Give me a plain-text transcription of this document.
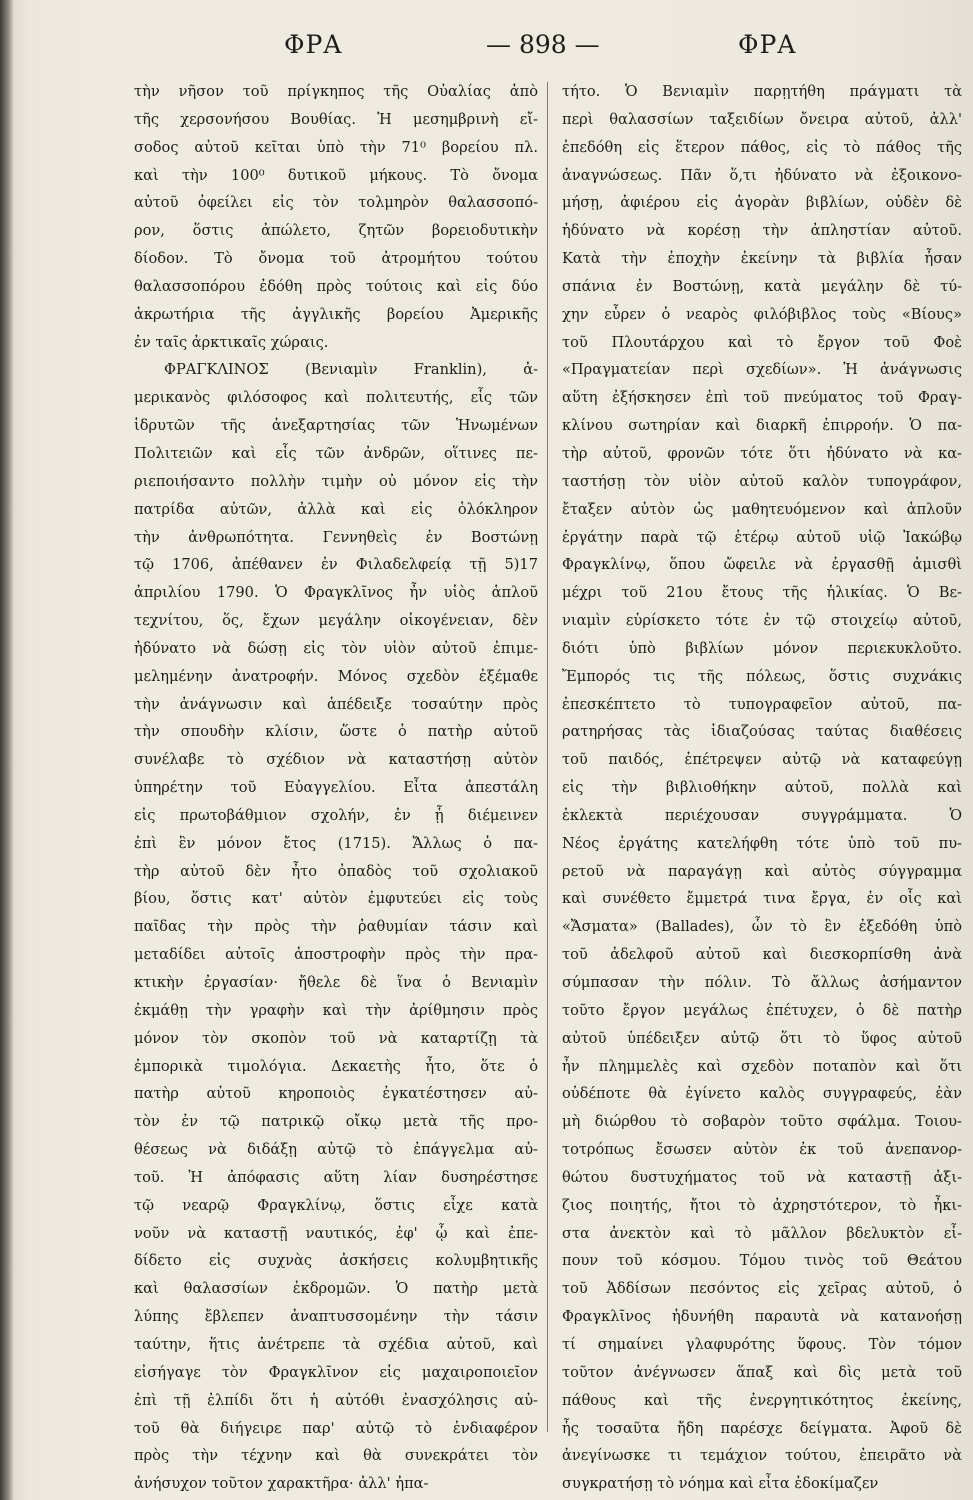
ΦΡΑ	— 898 —	ΦΡΑ
τὴν νῆσον τοῦ πρίγκηπος τῆς Οὐαλίας ἀπὸ
τῆς χερσονήσου Βουθίας. Ἡ μεσημβρινὴ εἴ-
σοδος αὐτοῦ κεῖται ὑπὸ τὴν 71⁰ βορείου πλ.
καὶ τὴν 100⁰ δυτικοῦ μήκους. Τὸ ὄνομα
αὐτοῦ ὀφείλει εἰς τὸν τολμηρὸν θαλασσοπό-
ρον, ὅστις ἀπώλετο, ζητῶν βορειοδυτικὴν
δίοδον. Τὸ ὄνομα τοῦ ἀτρομήτου τούτου
θαλασσοπόρου ἐδόθη πρὸς τούτοις καὶ εἰς δύο
ἀκρωτήρια τῆς ἀγγλικῆς βορείου Ἀμερικῆς
ἐν ταῖς ἀρκτικαῖς χώραις.
ΦΡΑΓΚΛΙΝΟΣ (Βενιαμὶν Franklin), ἀ-
μερικανὸς φιλόσοφος καὶ πολιτευτής, εἷς τῶν
ἱδρυτῶν τῆς ἀνεξαρτησίας τῶν Ἡνωμένων
Πολιτειῶν καὶ εἷς τῶν ἀνδρῶν, οἵτινες πε-
ριεποιήσαντο πολλὴν τιμὴν οὐ μόνον εἰς τὴν
πατρίδα αὐτῶν, ἀλλὰ καὶ εἰς ὁλόκληρον
τὴν ἀνθρωπότητα. Γεννηθεὶς ἐν Βοστώνῃ
τῷ 1706, ἀπέθανεν ἐν Φιλαδελφείᾳ τῇ 5)17
ἀπριλίου 1790. Ὁ Φραγκλῖνος ἦν υἱὸς ἁπλοῦ
τεχνίτου, ὅς, ἔχων μεγάλην οἰκογένειαν, δὲν
ἠδύνατο νὰ δώσῃ εἰς τὸν υἱὸν αὐτοῦ ἐπιμε-
μελημένην ἀνατροφήν. Μόνος σχεδὸν ἐξέμαθε
τὴν ἀνάγνωσιν καὶ ἀπέδειξε τοσαύτην πρὸς
τὴν σπουδὴν κλίσιν, ὥστε ὁ πατὴρ αὐτοῦ
συνέλαβε τὸ σχέδιον νὰ καταστήσῃ αὐτὸν
ὑπηρέτην τοῦ Εὐαγγελίου. Εἶτα ἀπεστάλη
εἰς πρωτοβάθμιον σχολήν, ἐν ᾗ διέμεινεν
ἐπὶ ἓν μόνον ἔτος (1715). Ἄλλως ὁ πα-
τὴρ αὐτοῦ δὲν ἦτο ὀπαδὸς τοῦ σχολιακοῦ
βίου, ὅστις κατ' αὐτὸν ἐμφυτεύει εἰς τοὺς
παῖδας τὴν πρὸς τὴν ῥαθυμίαν τάσιν καὶ
μεταδίδει αὐτοῖς ἀποστροφὴν πρὸς τὴν πρα-
κτικὴν ἐργασίαν· ἤθελε δὲ ἵνα ὁ Βενιαμὶν
ἐκμάθῃ τὴν γραφὴν καὶ τὴν ἀρίθμησιν πρὸς
μόνον τὸν σκοπὸν τοῦ νὰ καταρτίζῃ τὰ
ἐμπορικὰ τιμολόγια. Δεκαετὴς ἦτο, ὅτε ὁ
πατὴρ αὐτοῦ κηροποιὸς ἐγκατέστησεν αὐ-
τὸν ἐν τῷ πατρικῷ οἴκῳ μετὰ τῆς προ-
θέσεως νὰ διδάξῃ αὐτῷ τὸ ἐπάγγελμα αὐ-
τοῦ. Ἡ ἀπόφασις αὕτη λίαν δυσηρέστησε
τῷ νεαρῷ Φραγκλίνῳ, ὅστις εἶχε κατὰ
νοῦν νὰ καταστῇ ναυτικός, ἐφ' ᾧ καὶ ἐπε-
δίδετο εἰς συχνὰς ἀσκήσεις κολυμβητικῆς
καὶ θαλασσίων ἐκδρομῶν. Ὁ πατὴρ μετὰ
λύπης ἔβλεπεν ἀναπτυσσομένην τὴν τάσιν
ταύτην, ἥτις ἀνέτρεπε τὰ σχέδια αὐτοῦ, καὶ
εἰσήγαγε τὸν Φραγκλῖνον εἰς μαχαιροποιεῖον
ἐπὶ τῇ ἐλπίδι ὅτι ἡ αὐτόθι ἐνασχόλησις αὐ-
τοῦ θὰ διήγειρε παρ' αὐτῷ τὸ ἐνδιαφέρον
πρὸς τὴν τέχνην καὶ θὰ συνεκράτει τὸν
ἀνήσυχον τοῦτον χαρακτῆρα· ἀλλ' ἠπα-
τήτο. Ὁ Βενιαμὶν παρῃτήθη πράγματι τὰ
περὶ θαλασσίων ταξειδίων ὄνειρα αὐτοῦ, ἀλλ'
ἐπεδόθη εἰς ἕτερον πάθος, εἰς τὸ πάθος τῆς
ἀναγνώσεως. Πᾶν ὅ,τι ἠδύνατο νὰ ἐξοικονο-
μήσῃ, ἀφιέρου εἰς ἀγορὰν βιβλίων, οὐδὲν δὲ
ἠδύνατο νὰ κορέσῃ τὴν ἀπληστίαν αὐτοῦ.
Κατὰ τὴν ἐποχὴν ἐκείνην τὰ βιβλία ἦσαν
σπάνια ἐν Βοστώνῃ, κατὰ μεγάλην δὲ τύ-
χην εὗρεν ὁ νεαρὸς φιλόβιβλος τοὺς «Βίους»
τοῦ Πλουτάρχου καὶ τὸ ἔργον τοῦ Φοὲ
«Πραγματείαν περὶ σχεδίων». Ἡ ἀνάγνωσις
αὕτη ἐξήσκησεν ἐπὶ τοῦ πνεύματος τοῦ Φραγ-
κλίνου σωτηρίαν καὶ διαρκῆ ἐπιρροήν. Ὁ πα-
τὴρ αὐτοῦ, φρονῶν τότε ὅτι ἠδύνατο νὰ κα-
ταστήσῃ τὸν υἱὸν αὐτοῦ καλὸν τυπογράφον,
ἔταξεν αὐτὸν ὡς μαθητευόμενον καὶ ἁπλοῦν
ἐργάτην παρὰ τῷ ἑτέρῳ αὐτοῦ υἱῷ Ἰακώβῳ
Φραγκλίνῳ, ὅπου ὤφειλε νὰ ἐργασθῇ ἀμισθὶ
μέχρι τοῦ 21ου ἔτους τῆς ἡλικίας. Ὁ Βε-
νιαμὶν εὑρίσκετο τότε ἐν τῷ στοιχείῳ αὐτοῦ,
διότι ὑπὸ βιβλίων μόνον περιεκυκλοῦτο.
Ἔμπορός τις τῆς πόλεως, ὅστις συχνάκις
ἐπεσκέπτετο τὸ τυπογραφεῖον αὐτοῦ, πα-
ρατηρήσας τὰς ἰδιαζούσας ταύτας διαθέσεις
τοῦ παιδός, ἐπέτρεψεν αὐτῷ νὰ καταφεύγῃ
εἰς τὴν βιβλιοθήκην αὐτοῦ, πολλὰ καὶ
ἐκλεκτὰ περιέχουσαν συγγράμματα. Ὁ
Νέος ἐργάτης κατελήφθη τότε ὑπὸ τοῦ πυ-
ρετοῦ νὰ παραγάγῃ καὶ αὐτὸς σύγγραμμα
καὶ συνέθετο ἔμμετρά τινα ἔργα, ἐν οἷς καὶ
«Ἄσματα» (Ballades), ὧν τὸ ἓν ἐξεδόθη ὑπὸ
τοῦ ἀδελφοῦ αὐτοῦ καὶ διεσκορπίσθη ἀνὰ
σύμπασαν τὴν πόλιν. Τὸ ἄλλως ἀσήμαντον
τοῦτο ἔργον μεγάλως ἐπέτυχεν, ὁ δὲ πατὴρ
αὐτοῦ ὑπέδειξεν αὐτῷ ὅτι τὸ ὕφος αὐτοῦ
ἦν πλημμελὲς καὶ σχεδὸν ποταπὸν καὶ ὅτι
οὐδέποτε θὰ ἐγίνετο καλὸς συγγραφεύς, ἐὰν
μὴ διώρθου τὸ σοβαρὸν τοῦτο σφάλμα. Τοιου-
τοτρόπως ἔσωσεν αὐτὸν ἐκ τοῦ ἀνεπανορ-
θώτου δυστυχήματος τοῦ νὰ καταστῇ ἀξι-
ζιος ποιητής, ἤτοι τὸ ἀχρηστότερον, τὸ ἦκι-
στα ἀνεκτὸν καὶ τὸ μᾶλλον βδελυκτὸν εἶ-
πουν τοῦ κόσμου. Τόμου τινὸς τοῦ Θεάτου
τοῦ Ἀδδίσων πεσόντος εἰς χεῖρας αὐτοῦ, ὁ
Φραγκλῖνος ἠδυνήθη παραυτὰ νὰ κατανοήσῃ
τί σημαίνει γλαφυρότης ὕφους. Τὸν τόμον
τοῦτον ἀνέγνωσεν ἅπαξ καὶ δὶς μετὰ τοῦ
πάθους καὶ τῆς ἐνεργητικότητος ἐκείνης,
ἧς τοσαῦτα ἤδη παρέσχε δείγματα. Ἀφοῦ δὲ
ἀνεγίνωσκε τι τεμάχιον τούτου, ἐπειρᾶτο νὰ
συγκρατήσῃ τὸ νόημα καὶ εἶτα ἐδοκίμαζεν
